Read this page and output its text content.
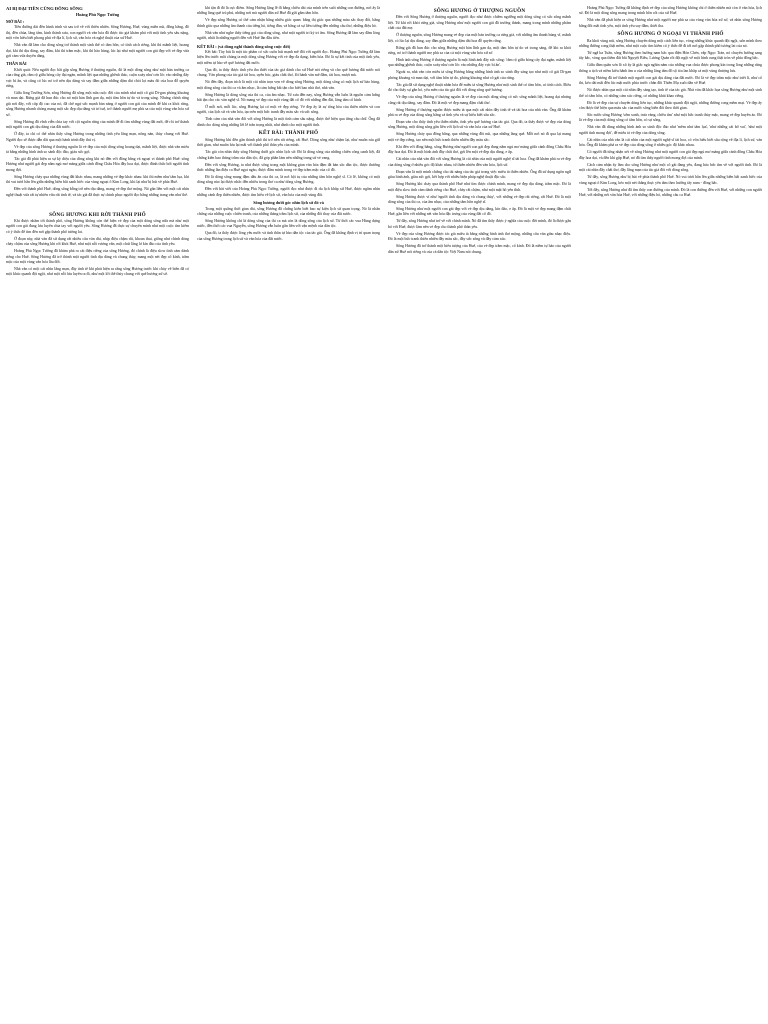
AI BỊ ĐẠI TIỀN CÙNG ĐÔNG SÔNG
Hoàng Phủ Ngọc Tường
MỞ BÀI :

Tiền đường dài đến hành trình và sau trở về với thiên nhiên. Sông Hương, Huế, vùng miền núi, đồng bằng, đồ thị, đền chùa, lăng tẩm, kinh thành xưa, con người và văn hóa đã được tác giả khám phá với một tình yêu sâu nặng, một vốn hiểu biết phong phú về địa lí, lịch sử, văn hóa và nghệ thuật của xứ Huế.

Nhà văn đã làm cho dòng sông trở thành một sinh thể có tâm hồn, có tính cách riêng, khi thì mãnh liệt, hoang dại, khi thì dịu dàng, say đắm, khi thì trầm mặc, khi thì hào hùng, lúc lại như một người con gái đẹp với vẻ đẹp vừa gợi cảm vừa duyên dáng.

THÂN BÀI

Khởi quát: Nếu người đọc bắt gặp sông Hương ở thượng nguồn, đó là một dòng sông như một bản trường ca của rừng già, rầm rộ giữa bóng cây đại ngàn, mãnh liệt qua những ghềnh thác, cuộn xoáy như cơn lốc vào những đáy vực bí ẩn, và cũng có lúc nó trở nên dịu dàng và say đắm giữa những dặm dài chói lọi màu đỏ của hoa đỗ quyên rừng.

Giữa lòng Trường Sơn, sông Hương đã sống một nửa cuộc đời của mình như một cô gái Di-gan phóng khoáng và man dại. Rừng già đã hun đúc cho nó một bản lĩnh gan dạ, một tâm hồn tự do và trong sáng. Nhưng chính rừng già nơi đây, với cấp độ cao của nó, đã chế ngự sức mạnh bản năng ở người con gái của mình để khi ra khỏi rừng, sông Hương nhanh chóng mang một sắc đẹp dịu dàng và trí tuệ, trở thành người mẹ phù sa của một vùng văn hóa xứ sở.

Sông Hương đã vĩnh viễn chia tay với cội nguồn rừng của mình để đi tìm những vùng đất mới, để rồi trở thành một người con gái dịu dàng của đất nước.

Ở đây, ta chỉ có thể nhìn thấy sông Hương trong những tình yêu lãng mạn, nồng nàn, thủy chung với Huế. Người đọc sẽ được dẫn dắt qua một hành trình đầy thú vị.

Vẻ đẹp của sông Hương ở thượng nguồn là vẻ đẹp của một dòng sông hoang dại, mãnh liệt, được nhà văn miêu tả bằng những hình ảnh so sánh độc đáo, giàu sức gợi.

Tác giả đã phát hiện ra sự kỳ diệu của dòng sông khi nó đến với đồng bằng và ngoại vi thành phố Huế: sông Hương như người gái đẹp nằm ngủ mơ màng giữa cánh đồng Châu Hóa đầy hoa dại, được đánh thức bởi người tình mong đợi.

Sông Hương chảy qua những vùng đất khác nhau, mang những vẻ đẹp khác nhau: khi thì mềm như tấm lụa, khi thì vui tươi hẳn lên giữa những biền bãi xanh biếc của vùng ngoại ô Kim Long, khi lại như bị hút về phía Huế.

Đến với thành phố Huế, dòng sông bỗng trở nên dịu dàng, mang vẻ đẹp thơ mộng. Nó gắn liền với một cái nhìn nghệ thuật vừa rất tự nhiên vừa rất tinh tế, và tác giả đã thực sự chinh phục người đọc bằng những trang văn như thế.

SÔNG HƯƠNG KHI RỜI THÀNH PHỐ

Khi được nhắm tới thành phố, sông Hương không còn thể hiện vẻ đẹp của một dòng sông nữa mà như một người con gái đang lưu luyến chia tay với người yêu. Sông Hương đã thực sự chuyển mình như một cuộc tìm kiếm có ý thức để tìm đến nơi gặp thành phố tương lai.

Ở đoạn này, nhà văn đã sử dụng rất nhiều câu văn dài, nhịp điệu chậm rãi, khoan thai, giống như chính dòng chảy chậm của sông Hương khi rời khỏi Huế, như một nỗi vương vấn, một chút lẳng lơ kín đáo của tình yêu.

Hoàng Phủ Ngọc Tường đã khám phá ra cái điệu riêng của sông Hương, đó chính là điệu slow tình cảm dành riêng cho Huế. Sông Hương đã trở thành một người tình dịu dàng và chung thủy, mang một nét đẹp cổ kính, trầm mặc của một vùng văn hóa lâu đời.

Nhà văn có một cái nhìn lãng mạn, đầy tinh tế khi phát hiện ra rằng sông Hương trước khi chảy về biển đã có một khúc quanh đột ngột, như một nỗi lưu luyến ra đi, như một lời thề thủy chung với quê hương xứ sở.

khi tận đi đó là cực điểm. Sông Hương lặng lẽ đi bằng chiều dài của mình trên suốt những con đường, nơi ấy là những làng quê trù phú, những nơi mà người dân xứ Huế đã gửi gắm tâm hồn.

Vẻ đẹp sông Hương có thể cảm nhận bằng nhiều giác quan: bằng thị giác qua những màu sắc thay đổi, bằng thính giác qua những âm thanh của tiếng hò, tiếng đàn, và bằng cả sự liên tưởng đến những câu thơ, những điệu hò.

Nhà văn như nghe thấy tiếng gọi của dòng sông, như một người tri kỷ tri âm. Sông Hương đã làm say đắm lòng người, nhất là những người đến với Huế lần đầu tiên.

KẾT BÀI : (và dòng nghĩ thành dòng sông cuộc đời)

Kết bài: Tùy bút là một tác phẩm có sức cuốn hút mạnh mẽ đối với người đọc. Hoàng Phủ Ngọc Tường đã làm hiện lên trước mắt chúng ta một dòng sông Hương với vẻ đẹp đa dạng, biến hóa. Đó là sự kết tinh của một tình yêu, một niềm tự hào về quê hương đất nước.

Qua đó, ta thấy được tình yêu tha thiết của tác giả dành cho xứ Huế nói riêng và cho quê hương đất nước nói chung. Văn phong của tác giả tài hoa, uyên bác, giàu chất thơ, lối hành văn mê đắm, tài hoa, mượt mà.

Nó đến đây, đoạn trích là một cái nhìn trọn vẹn về dòng sông Hương, một dòng sông có một lịch sử hào hùng, một dòng sông của thi ca và âm nhạc, là cảm hứng bất tận cho biết bao nhà thơ, nhà văn.

Sông Hương là dòng sông của thi ca, của âm nhạc. Từ xưa đến nay, sông Hương vẫn luôn là nguồn cảm hứng bất tận cho các văn nghệ sĩ. Nó mang vẻ đẹp của một vùng đất cố đô với những đền đài, lăng tẩm cổ kính.

Ở mỗi nơi, mỗi lúc, sông Hương lại có một vẻ đẹp riêng. Vẻ đẹp ấy là sự tổng hòa của thiên nhiên và con người, của lịch sử và văn hóa, tạo nên một bức tranh đầy màu sắc và sức sống.

Tình cảm của nhà văn đối với sông Hương là một tình cảm sâu nặng, được thể hiện qua từng câu chữ. Ông đã dành cho dòng sông những lời lẽ trân trọng nhất, như dành cho một người tình.

KẾT BÀI: THÀNH PHỐ

Sông Hương khi đến gần thành phố thì trở nên rất riêng, rất Huế. Dòng sông như chậm lại, như muốn níu giữ thời gian, như muốn lưu lại mãi với thành phố thân yêu của mình.

Tác giả còn nhìn thấy sông Hương dưới góc nhìn lịch sử: Đó là dòng sông của những chiến công oanh liệt, đã chứng kiến bao thăng trầm của dân tộc, đã góp phần làm nên những trang sử vẻ vang.

Đến với sông Hương, ta như được sống trong một không gian văn hóa đậm đà bản sắc dân tộc, được thưởng thức những làn điệu ca Huế ngọt ngào, được đắm mình trong vẻ đẹp trầm mặc của cố đô.

Đó là dòng sông mang đậm dấu ấn của thi ca, là nơi hội tụ của những tâm hồn nghệ sĩ. Có lẽ, không có một dòng sông nào lại được nhắc đến nhiều trong thơ ca như dòng sông Hương.

Đền với bài viết của Hoàng Phủ Ngọc Tường, người đọc như được đi du lịch khắp xứ Huế, được ngắm nhìn những cảnh đẹp thiên nhiên, được tìm hiểu về lịch sử, văn hóa của một vùng đất.

Sông hương dưới góc nhìn lịch sử đó và

Trong một quãng thời gian dài, sông Hương đã chứng kiến biết bao sự kiện lịch sử quan trọng. Nó là nhân chứng của những cuộc chiến tranh, của những thăng trầm lịch sử, của những đổi thay của đất nước.

Sông Hương không chỉ là dòng sông của thi ca mà còn là dòng sông của lịch sử. Từ thời các vua Hùng dựng nước, đến thời các vua Nguyễn, sông Hương vẫn luôn gắn liền với vận mệnh của dân tộc.

Qua đó, ta thấy được lòng yêu nước và tinh thần tự hào dân tộc của tác giả. Ông đã khẳng định vị trí quan trọng của sông Hương trong lịch sử và văn hóa của đất nước.

SÔNG HƯƠNG Ở THƯỢNG NGUỒN

Đến với Sông Hương ở thượng nguồn, người đọc như được chiêm ngưỡng một dòng sông có sức sống mãnh liệt. Từ khi rời khỏi rừng già, sông Hương như một người con gái đã trưởng thành, mang trong mình những phẩm chất của đất mẹ.

Ở thượng nguồn, sông Hương mang vẻ đẹp của một bản trường ca rừng già, với những âm thanh hùng vĩ, mãnh liệt, có lúc lại dịu dàng, say đắm giữa những dặm dài hoa đỗ quyên rừng.

Rừng già đã hun đúc cho sông Hương một bản lĩnh gan dạ, một tâm hồn tự do và trong sáng, để khi ra khỏi rừng, nó trở thành người mẹ phù sa của cả một vùng văn hóa xứ sở.

Hình ảnh sông Hương ở thượng nguồn là một hình ảnh đầy sức sống: 'rầm rộ giữa bóng cây đại ngàn, mãnh liệt qua những ghềnh thác, cuộn xoáy như cơn lốc vào những đáy vực bí ẩn'.

Ngoài ra, nhà văn còn miêu tả sông Hương bằng những hình ảnh so sánh đầy sáng tạo như một cô gái Di-gan phóng khoáng và man dại, với tâm hồn tự do, phóng khoáng như cô gái của rừng.

Tác giả đã sử dụng nghệ thuật nhân hóa để miêu tả sông Hương như một sinh thể có tâm hồn, có tính cách. Điều đó cho thấy sự gắn bó, yêu mến của tác giả đối với dòng sông quê hương.

Vẻ đẹp của sông Hương ở thượng nguồn là vẻ đẹp của một dòng sông có sức sống mãnh liệt, hoang dại nhưng cũng rất dịu dàng, say đắm. Đó là một vẻ đẹp mang đậm chất thơ.

Sông Hương ở thượng nguồn được miêu tả qua một cái nhìn đầy tinh tế và tài hoa của nhà văn. Ông đã khám phá ra vẻ đẹp của dòng sông bằng cả tình yêu và sự hiểu biết sâu sắc.

Đoạn văn cho thấy tình yêu thiên nhiên, tình yêu quê hương của tác giả. Qua đó, ta thấy được vẻ đẹp của dòng sông Hương, một dòng sông gắn liền với lịch sử và văn hóa của xứ Huế.

Sông Hương chảy qua đồng bằng, qua những vùng đồi núi, qua những làng quê. Mỗi nơi nó đi qua lại mang một vẻ đẹp riêng, tạo nên một bức tranh thiên nhiên đầy màu sắc.

Khi đến với đồng bằng, sông Hương như người con gái đẹp đang nằm ngủ mơ màng giữa cánh đồng Châu Hóa đầy hoa dại. Đó là một hình ảnh đầy chất thơ, gợi lên một vẻ đẹp dịu dàng, e ấp.

Cái nhìn của nhà văn đối với sông Hương là cái nhìn của một người nghệ sĩ tài hoa. Ông đã khám phá ra vẻ đẹp của dòng sông ở nhiều góc độ khác nhau, từ thiên nhiên đến văn hóa, lịch sử.

Đoạn văn là một minh chứng cho tài năng của tác giả trong việc miêu tả thiên nhiên. Ông đã sử dụng ngôn ngữ giàu hình ảnh, giàu sức gợi, kết hợp với nhiều biện pháp nghệ thuật đặc sắc.

Sông Hương khi chảy qua thành phố Huế như tìm được chính mình, mang vẻ đẹp dịu dàng, trầm mặc. Đó là một điệu slow tình cảm dành riêng cho Huế, chảy rất chậm, như một mặt hồ yên tĩnh.

Sông Hương được ví như 'người tình dịu dàng và chung thủy', với những vẻ đẹp rất riêng, rất Huế. Đó là một dòng sông của thi ca, của âm nhạc, của những tâm hồn nghệ sĩ.

Sông Hương như một người con gái đẹp với vẻ đẹp dịu dàng, kín đáo, e ấp. Đó là một vẻ đẹp mang đậm chất Huế, gắn liền với những nét văn hóa đặc trưng của vùng đất cố đô.

Từ đây, sông Hương như trở về với chính mình. Nó đã tìm thấy được ý nghĩa của cuộc đời mình, đó là được gắn bó với Huế, được làm nên vẻ đẹp cho thành phố thân yêu.

Vẻ đẹp của sông Hương được tác giả miêu tả bằng những hình ảnh thơ mộng, những câu văn giàu nhạc điệu. Đó là một bức tranh thiên nhiên đầy màu sắc, đầy sức sống và đầy cảm xúc.

Sông Hương đã trở thành một biểu tượng của Huế, của vẻ đẹp trầm mặc, cổ kính. Đó là niềm tự hào của người dân xứ Huế nói riêng và của cả dân tộc Việt Nam nói chung.

Hoàng Phủ Ngọc Tường đã khẳng định vẻ đẹp của sông Hương không chỉ ở thiên nhiên mà còn ở văn hóa, lịch sử. Đó là một dòng sông mang trong mình hồn cốt của xứ Huế.

Nhà văn đã phát hiện ra sông Hương như một người mẹ phù sa của vùng văn hóa xứ sở, và nhìn sông Hương bằng đôi mắt tình yêu, một tình yêu say đắm, thiết tha.

SÔNG HƯƠNG Ở NGOẠI VI THÀNH PHỐ

Ra khỏi vùng núi, sông Hương chuyển dòng một cách liên tục, vòng những khúc quanh đột ngột, uốn mình theo những đường cong thật mềm, như một cuộc tìm kiếm có ý thức để đi tới nơi gặp thành phố tương lai của nó.

Từ ngã ba Tuần, sông Hương theo hướng nam bắc qua điện Hòn Chén, vấp Ngọc Trản, nó chuyển hướng sang tây bắc, vòng qua thềm đất bãi Nguyệt Biều, Lương Quán rồi đột ngột vẽ một hình cung thật tròn về phía đông bắc.

Giữa đám quần sơn lô xô ấy là giấc ngủ nghìn năm của những vua chúa được phong kín trong lòng những rừng thông u tịch và niềm kiêu hãnh âm u của những lăng tẩm đồ sộ tỏa lan khắp cả một vùng thượng lưu.

Sông Hương đã trở thành một người con gái dịu dàng của đất nước. Đó là vẻ đẹp trầm mặc như triết lí, như cổ thi, kéo dài mãi đến lúc mặt nước phía trước chân đồi Thiên Mụ xuôi dần về Huế.

Nó được nhìn qua một cái nhìn đầy sáng tạo, tinh tế của tác giả. Nhà văn đã khắc họa sông Hương như một sinh thể có tâm hồn, có những cảm xúc riêng, có những khát khao riêng.

Đó là vẻ đẹp của sự chuyển dòng liên tục, những khúc quanh đột ngột, những đường cong mềm mại. Vẻ đẹp ấy còn được thể hiện qua màu sắc của nước sông biến đổi theo thời gian.

Sắc nước sông Hương 'sớm xanh, trưa vàng, chiều tím' như một bức tranh thủy mặc, mang vẻ đẹp huyền ảo. Đó là vẻ đẹp của một dòng sông có tâm hồn, có sự sống.

Nhà văn đã dùng những hình ảnh so sánh độc đáo như 'mềm như tấm lụa', 'như những cái bờ vai', 'như một người tình mong đợi', để miêu tả vẻ đẹp của dòng sông.

Cái nhìn của nhà văn là cái nhìn của một người nghệ sĩ tài hoa, có vốn hiểu biết sâu rộng về địa lí, lịch sử, văn hóa. Ông đã khám phá ra vẻ đẹp của dòng sông ở nhiều góc độ khác nhau.

Có người đã từng nhận xét về sông Hương như một người con gái đẹp ngủ mơ màng giữa cánh đồng Châu Hóa đầy hoa dại, và đến khi gặp Huế, nó đã tìm thấy người tình mong đợi của mình.

Cách cảm nhận ấy làm cho sông Hương như một cô gái đang yêu, đang háo hức tìm về với người tình. Đó là một cái nhìn đầy chất thơ, đầy lãng mạn của tác giả đối với dòng sông.

Từ đây, sông Hương như bị hút về phía thành phố Huế. Nó vui tươi hẳn lên giữa những biền bãi xanh biếc của vùng ngoại ô Kim Long, kéo một nét thẳng thực yên tâm theo hướng tây nam - đông bắc.

Tới đây, sông Hương như đã tìm thấy con đường của mình. Đó là con đường đến với Huế, với những con người Huế, với những nét văn hóa Huế, với những điệu hò, những câu ca Huế.
